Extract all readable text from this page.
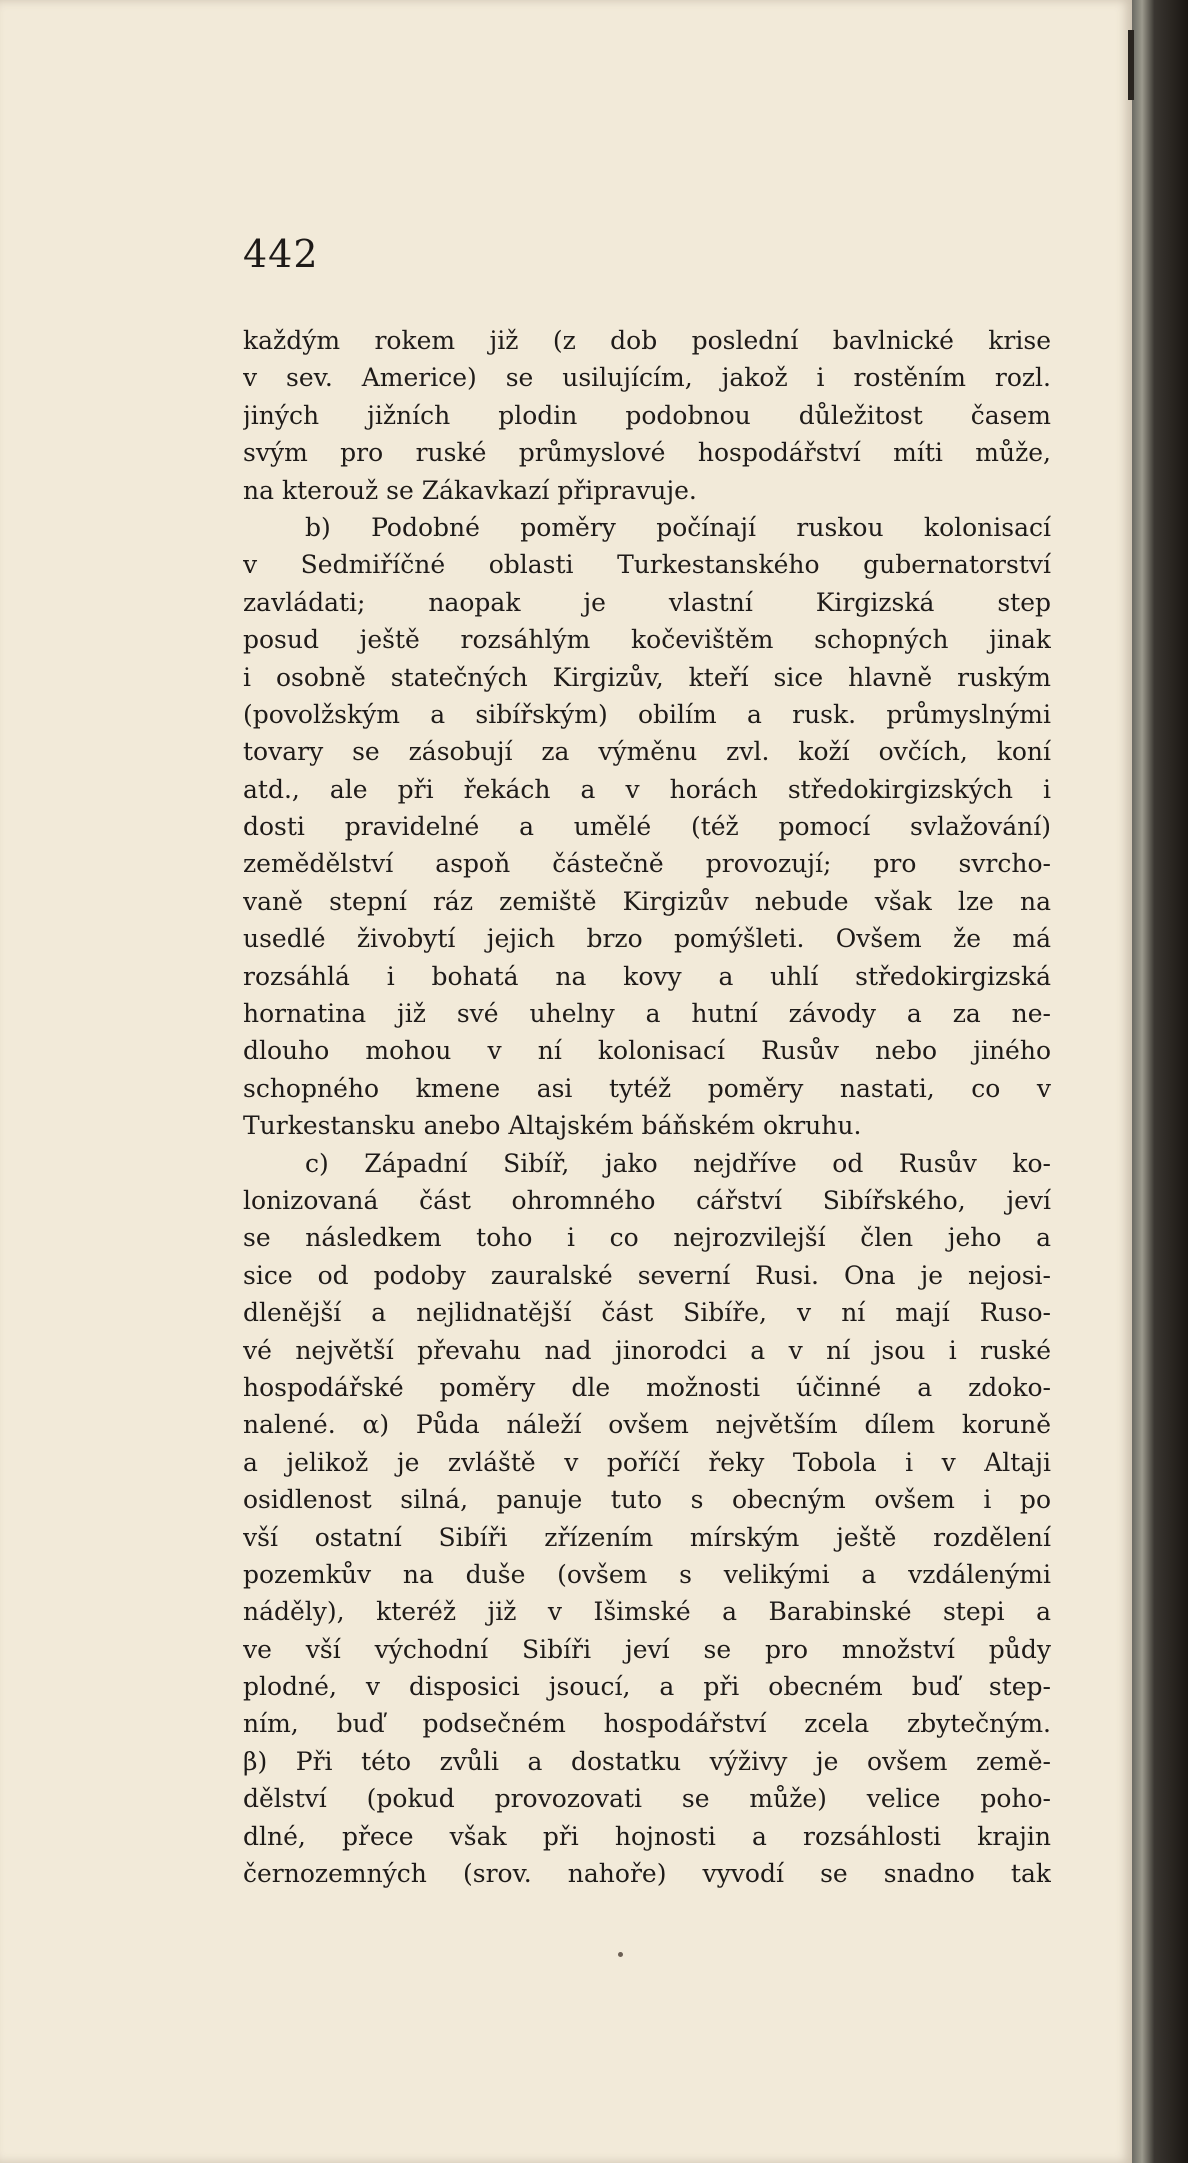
442
každým rokem již (z dob poslední bavlnické krise
v sev. Americe) se usilujícím, jakož i rostěním rozl.
jiných jižních plodin podobnou důležitost časem
svým pro ruské průmyslové hospodářství míti může,
na kterouž se Zákavkazí připravuje.
b) Podobné poměry počínají ruskou kolonisací
v Sedmiříčné oblasti Turkestanského gubernatorství
zavládati; naopak je vlastní Kirgizská step
posud ještě rozsáhlým kočevištěm schopných jinak
i osobně statečných Kirgizův, kteří sice hlavně ruským
(povolžským a sibířským) obilím a rusk. průmyslnými
tovary se zásobují za výměnu zvl. koží ovčích, koní
atd., ale při řekách a v horách středokirgizských i
dosti pravidelné a umělé (též pomocí svlažování)
zemědělství aspoň částečně provozují; pro svrcho-
vaně stepní ráz zemiště Kirgizův nebude však lze na
usedlé živobytí jejich brzo pomýšleti. Ovšem že má
rozsáhlá i bohatá na kovy a uhlí středokirgizská
hornatina již své uhelny a hutní závody a za ne-
dlouho mohou v ní kolonisací Rusův nebo jiného
schopného kmene asi tytéž poměry nastati, co v
Turkestansku anebo Altajském báňském okruhu.
c) Západní Sibíř, jako nejdříve od Rusův ko-
lonizovaná část ohromného cářství Sibířského, jeví
se následkem toho i co nejrozvilejší člen jeho a
sice od podoby zauralské severní Rusi. Ona je nejosi-
dlenější a nejlidnatější část Sibíře, v ní mají Ruso-
vé největší převahu nad jinorodci a v ní jsou i ruské
hospodářské poměry dle možnosti účinné a zdoko-
nalené. α) Půda náleží ovšem největším dílem koruně
a jelikož je zvláště v poříčí řeky Tobola i v Altaji
osidlenost silná, panuje tuto s obecným ovšem i po
vší ostatní Sibíři zřízením mírským ještě rozdělení
pozemkův na duše (ovšem s velikými a vzdálenými
náděly), kteréž již v Išimské a Barabinské stepi a
ve vší východní Sibíři jeví se pro množství půdy
plodné, v disposici jsoucí, a při obecném buď step-
ním, buď podsečném hospodářství zcela zbytečným.
β) Při této zvůli a dostatku výživy je ovšem země-
dělství (pokud provozovati se může) velice poho-
dlné, přece však při hojnosti a rozsáhlosti krajin
černozemných (srov. nahoře) vyvodí se snadno tak
